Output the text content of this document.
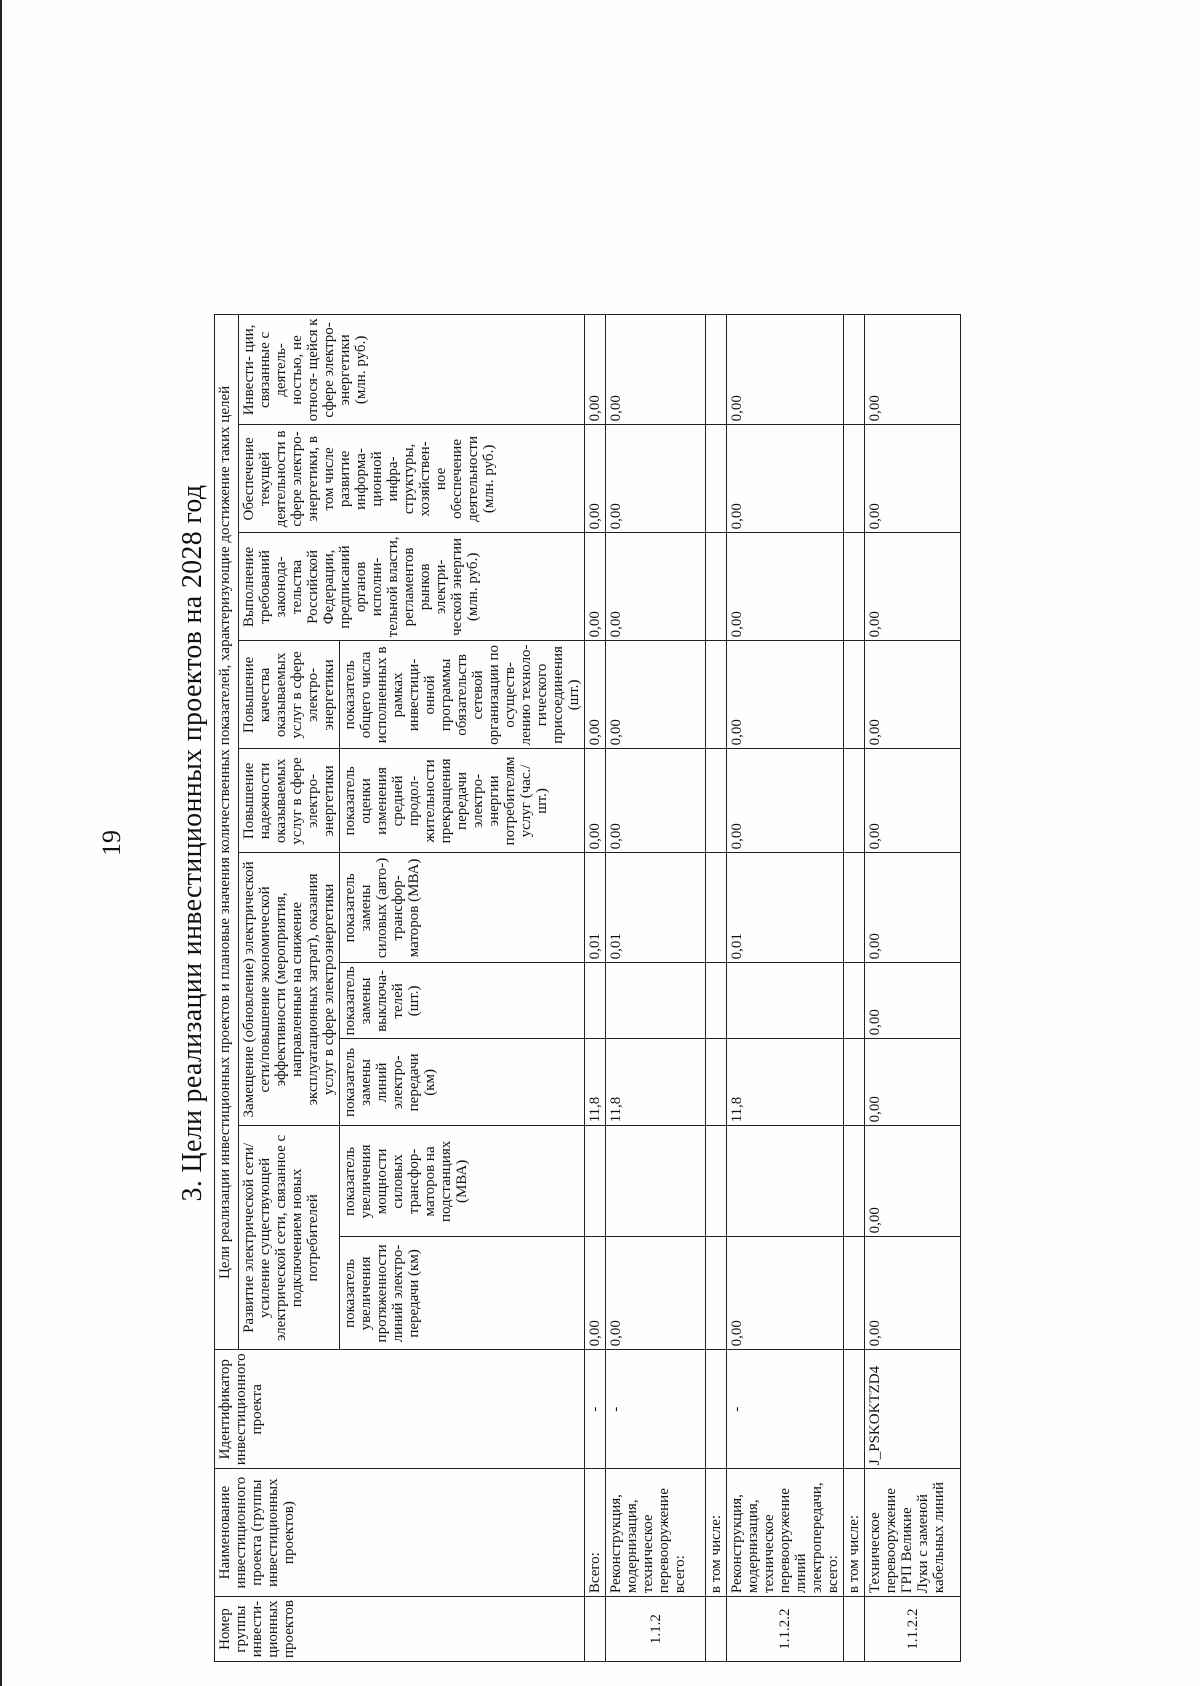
19 3. Цели реализации инвестиционных проектов на 2028 год
Номер группы инвести- ционных проектов	Наименование инвестиционного проекта (группы инвестиционных проектов)	Идентификатор инвестиционного проекта	Цели реализации инвестиционных проектов и плановые значения количественных показателей, характеризующие достижение таких целей									
			Развитие электрической сети/усиление существующей электрической сети, связанное с подключением новых потребителей		Замещение (обновление) электрической сети/повышение экономической эффективности (мероприятия, направленные на снижение эксплуатационных затрат), оказания услуг в сфере электроэнергетики			Повышение надежности оказываемых услуг в сфере электро- энергетики	Повышение качества оказываемых услуг в сфере электро- энергетики	Выполнение требований законода- тельства Российской Федерации, предписаний органов исполни- тельной власти, регламентов рынков электри- ческой энергии (млн. руб.)	Обеспечение текущей деятельности в сфере электро- энергетики, в том числе развитие информа- ционной инфра- структуры, хозяйствен- ное обеспечение деятельности (млн. руб.)	Инвести- ции, связанные с деятель- ностью, не относя- щейся к сфере электро- энергетики (млн. руб.)
			показатель увеличения протяженности линий электро- передачи (км)	показатель увеличения мощности силовых трансфор- маторов на подстанциях (МВА)	показатель замены линий электро- передачи (км)	показатель замены выключа- телей (шт.)	показатель замены силовых (авто-) трансфор- маторов (МВА)	показатель оценки изменения средней продол- жительности прекращения передачи электро- энергии потребителям услуг (час./шт.)	показатель общего числа исполненных в рамках инвестици- онной программы обязательств сетевой организации по осуществ- лению техноло- гического присоединения (шт.)			
	Всего:	-	0,00		11,8		0,01	0,00	0,00	0,00	0,00	0,00
1.1.2	Реконструкция, модернизация, техническое перевооружение всего:	-	0,00		11,8		0,01	0,00	0,00	0,00	0,00	0,00
	в том числе:											
1.1.2.2	Реконструкция, модернизация, техническое перевооружение линий электропередачи, всего:	-	0,00		11,8		0,01	0,00	0,00	0,00	0,00	0,00
	в том числе:											
1.1.2.2	Техническое перевооружение ГРП Великие Луки с заменой кабельных линий	J_PSKOKTZD4	0,00	0,00	0,00	0,00	0,00	0,00	0,00	0,00	0,00	0,00
